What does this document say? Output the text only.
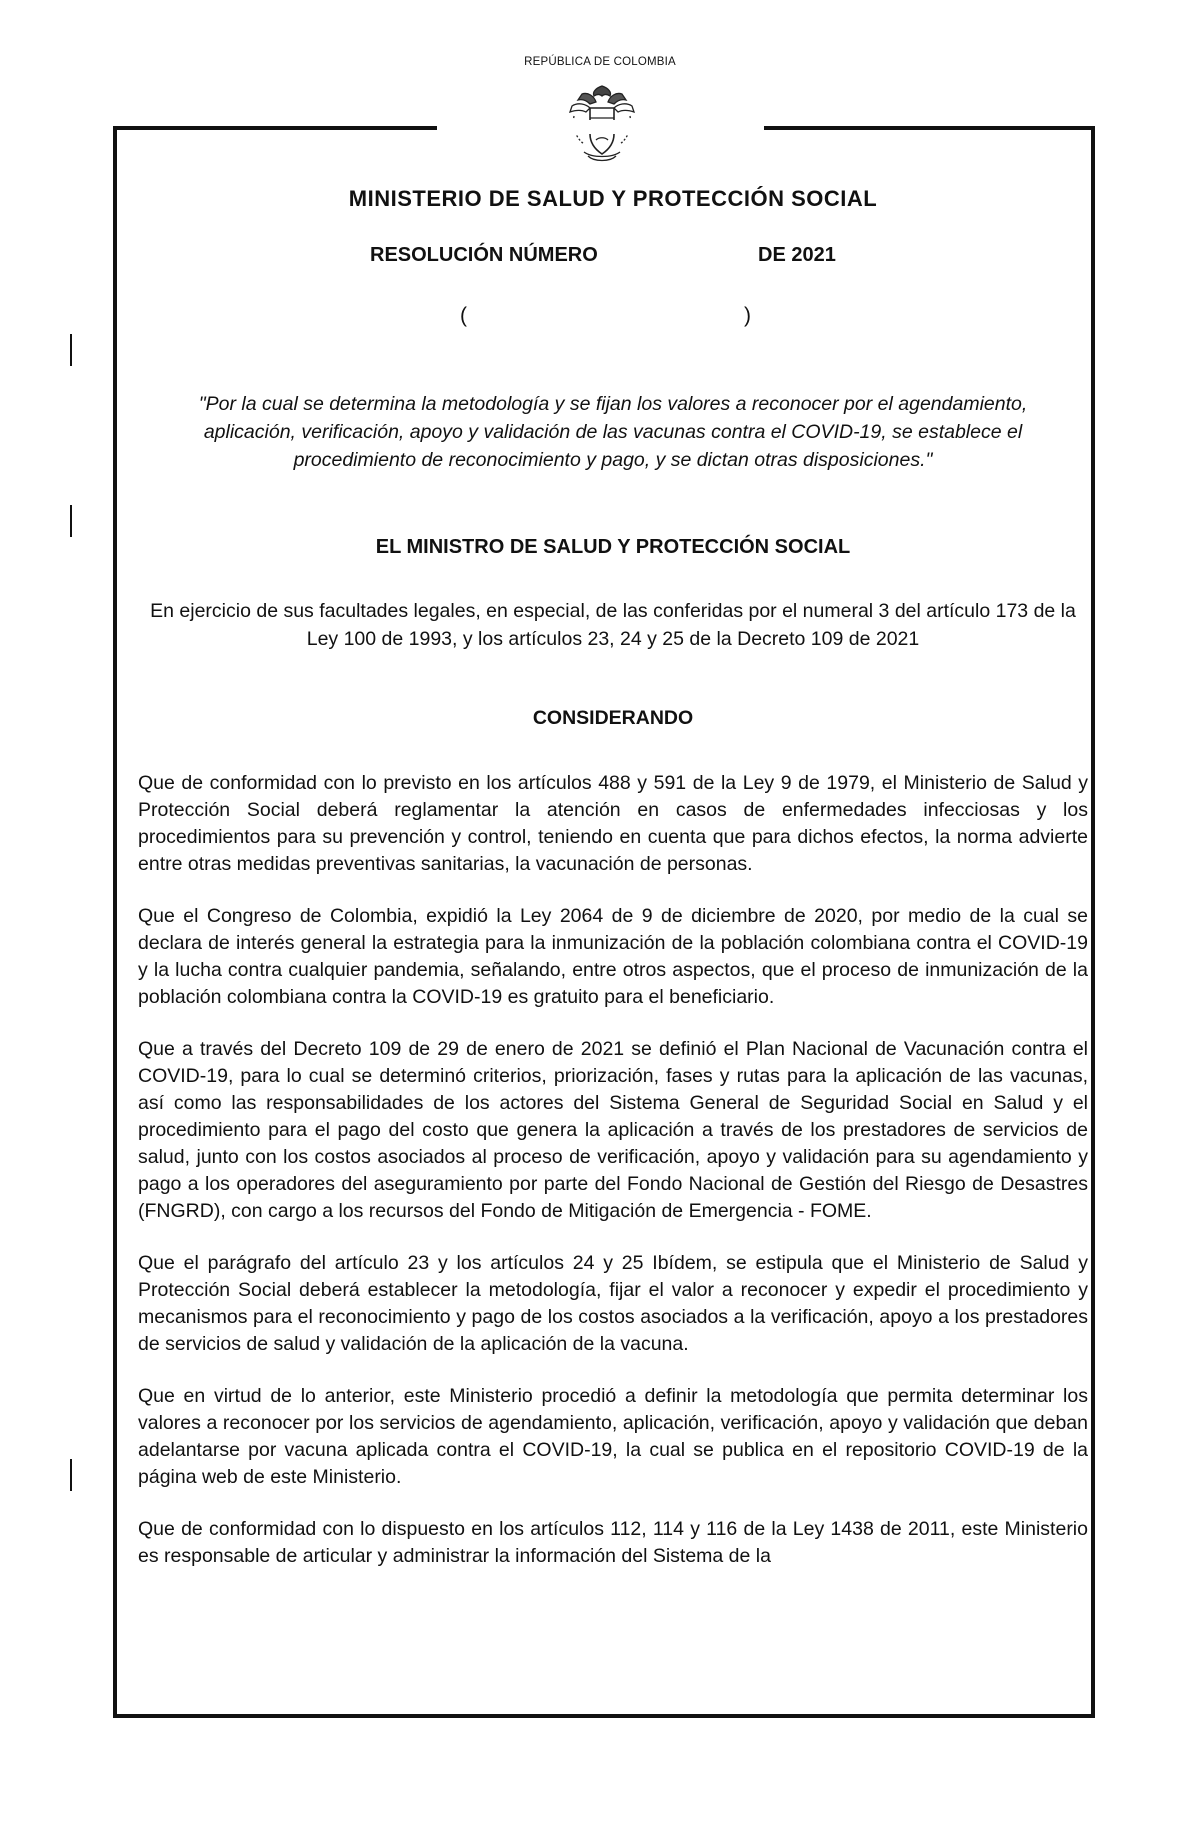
REPÚBLICA DE COLOMBIA
MINISTERIO DE SALUD Y PROTECCIÓN SOCIAL
RESOLUCIÓN NÚMERO	DE 2021
(	)

"Por la cual se determina la metodología y se fijan los valores a reconocer por el agendamiento, aplicación, verificación, apoyo y validación de las vacunas contra el COVID-19, se establece el procedimiento de reconocimiento y pago, y se dictan otras disposiciones."

EL MINISTRO DE SALUD Y PROTECCIÓN SOCIAL

En ejercicio de sus facultades legales, en especial, de las conferidas por el numeral 3 del artículo 173 de la Ley 100 de 1993, y los artículos 23, 24 y 25 de la Decreto 109 de 2021

CONSIDERANDO

Que de conformidad con lo previsto en los artículos 488 y 591 de la Ley 9 de 1979, el Ministerio de Salud y Protección Social deberá reglamentar la atención en casos de enfermedades infecciosas y los procedimientos para su prevención y control, teniendo en cuenta que para dichos efectos, la norma advierte entre otras medidas preventivas sanitarias, la vacunación de personas.

Que el Congreso de Colombia, expidió la Ley 2064 de 9 de diciembre de 2020, por medio de la cual se declara de interés general la estrategia para la inmunización de la población colombiana contra el COVID-19 y la lucha contra cualquier pandemia, señalando, entre otros aspectos, que el proceso de inmunización de la población colombiana contra la COVID-19 es gratuito para el beneficiario.

Que a través del Decreto 109 de 29 de enero de 2021 se definió el Plan Nacional de Vacunación contra el COVID-19, para lo cual se determinó criterios, priorización, fases y rutas para la aplicación de las vacunas, así como las responsabilidades de los actores del Sistema General de Seguridad Social en Salud y el procedimiento para el pago del costo que genera la aplicación a través de los prestadores de servicios de salud, junto con los costos asociados al proceso de verificación, apoyo y validación para su agendamiento y pago a los operadores del aseguramiento por parte del Fondo Nacional de Gestión del Riesgo de Desastres (FNGRD), con cargo a los recursos del Fondo de Mitigación de Emergencia - FOME.

Que el parágrafo del artículo 23 y los artículos 24 y 25 Ibídem, se estipula que el Ministerio de Salud y Protección Social deberá establecer la metodología, fijar el valor a reconocer y expedir el procedimiento y mecanismos para el reconocimiento y pago de los costos asociados a la verificación, apoyo a los prestadores de servicios de salud y validación de la aplicación de la vacuna.

Que en virtud de lo anterior, este Ministerio procedió a definir la metodología que permita determinar los valores a reconocer por los servicios de agendamiento, aplicación, verificación, apoyo y validación que deban adelantarse por vacuna aplicada contra el COVID-19, la cual se publica en el repositorio COVID-19 de la página web de este Ministerio.

Que de conformidad con lo dispuesto en los artículos 112, 114 y 116 de la Ley 1438 de 2011, este Ministerio es responsable de articular y administrar la información del Sistema de la
